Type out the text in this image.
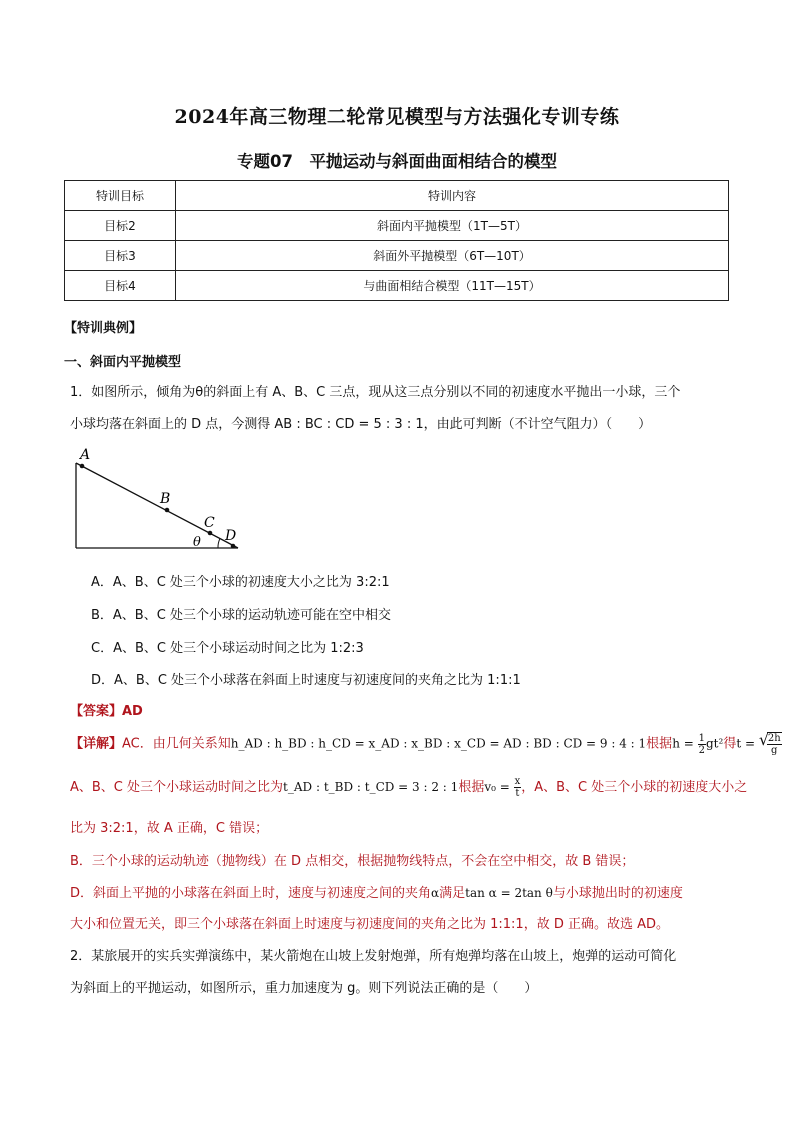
2024年高三物理二轮常见模型与方法强化专训专练
专题07　平抛运动与斜面曲面相结合的模型
特训目标	特训内容
目标2	斜面内平抛模型（1T—5T）
目标3	斜面外平抛模型（6T—10T）
目标4	与曲面相结合模型（11T—15T）
【特训典例】
一、斜面内平抛模型
1．如图所示，倾角为θ的斜面上有 A、B、C 三点，现从这三点分别以不同的初速度水平抛出一小球，三个
小球均落在斜面上的 D 点，今测得 AB : BC : CD = 5 : 3 : 1，由此可判断（不计空气阻力）（　　）
A
B
C
D
θ
A．A、B、C 处三个小球的初速度大小之比为 3:2:1
B．A、B、C 处三个小球的运动轨迹可能在空中相交
C．A、B、C 处三个小球运动时间之比为 1:2:3
D．A、B、C 处三个小球落在斜面上时速度与初速度间的夹角之比为 1:1:1
【答案】AD
【详解】AC．由几何关系知h_AD : h_BD : h_CD = x_AD : x_BD : x_CD = AD : BD : CD = 9 : 4 : 1根据$h = \frac{1}{2} gt^2$得t = √
$\frac{2h}{g}$
A、B、C 处三个小球运动时间之比为t_AD : t_BD : t_CD = 3 : 2 : 1根据$v_0 = \frac{x}{t}$ ，A、B、C 处三个小球的初速度大小之
比为 3:2:1，故 A 正确，C 错误；
B．三个小球的运动轨迹（抛物线）在 D 点相交，根据抛物线特点，不会在空中相交，故 B 错误；
D．斜面上平抛的小球落在斜面上时，速度与初速度之间的夹角α满足tan α = 2tan θ与小球抛出时的初速度
大小和位置无关，即三个小球落在斜面上时速度与初速度间的夹角之比为 1:1:1，故 D 正确。故选 AD。
2．某旅展开的实兵实弹演练中，某火箭炮在山坡上发射炮弹，所有炮弹均落在山坡上，炮弹的运动可简化
为斜面上的平抛运动，如图所示，重力加速度为 g。则下列说法正确的是（　　）
